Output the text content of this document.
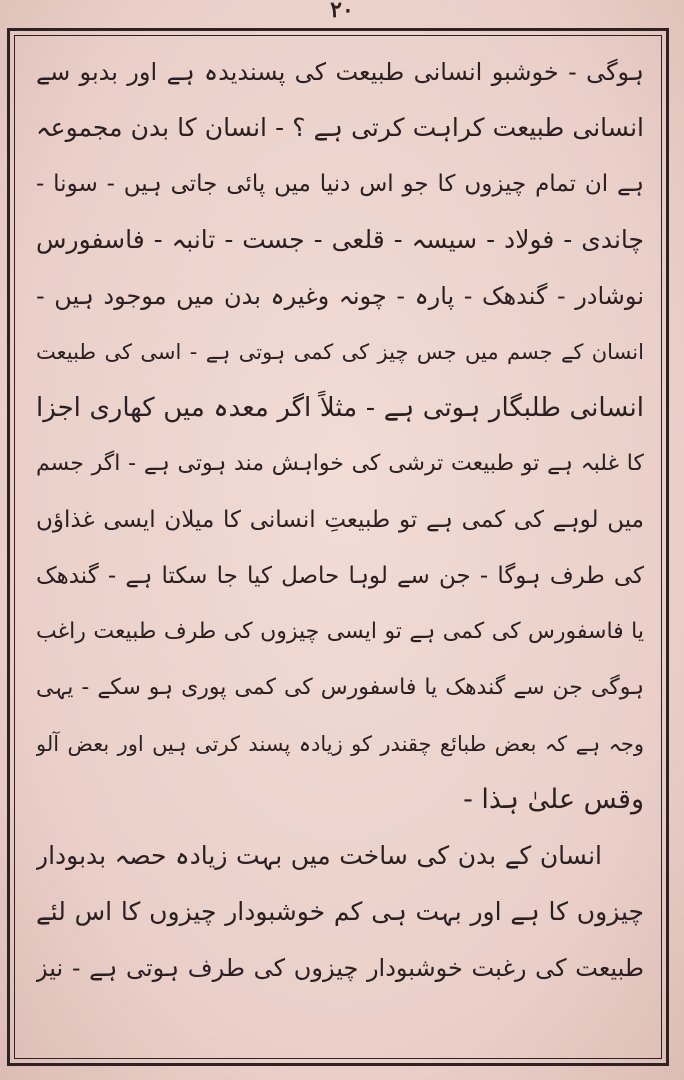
۲۰
ہوگی - خوشبو انسانی طبیعت کی پسندیدہ ہے اور بدبو سے
انسانی طبیعت کراہت کرتی ہے ؟ - انسان کا بدن مجموعہ
ہے ان تمام چیزوں کا جو اس دنیا میں پائی جاتی ہیں - سونا -
چاندی - فولاد - سیسہ - قلعی - جست - تانبہ - فاسفورس
نوشادر - گندھک - پارہ - چونہ وغیرہ بدن میں موجود ہیں -
انسان کے جسم میں جس چیز کی کمی ہوتی ہے - اسی کی طبیعت
انسانی طلبگار ہوتی ہے - مثلاً اگر معدہ میں کھاری اجزا
کا غلبہ ہے تو طبیعت ترشی کی خواہش مند ہوتی ہے - اگر جسم
میں لوہے کی کمی ہے تو طبیعتِ انسانی کا میلان ایسی غذاؤں
کی طرف ہوگا - جن سے لوہا حاصل کیا جا سکتا ہے - گندھک
یا فاسفورس کی کمی ہے تو ایسی چیزوں کی طرف طبیعت راغب
ہوگی جن سے گندھک یا فاسفورس کی کمی پوری ہو سکے - یہی
وجہ ہے کہ بعض طبائع چقندر کو زیادہ پسند کرتی ہیں اور بعض آلو
وقس علیٰ ہذا -
انسان کے بدن کی ساخت میں بہت زیادہ حصہ بدبودار
چیزوں کا ہے اور بہت ہی کم خوشبودار چیزوں کا اس لئے
طبیعت کی رغبت خوشبودار چیزوں کی طرف ہوتی ہے - نیز
